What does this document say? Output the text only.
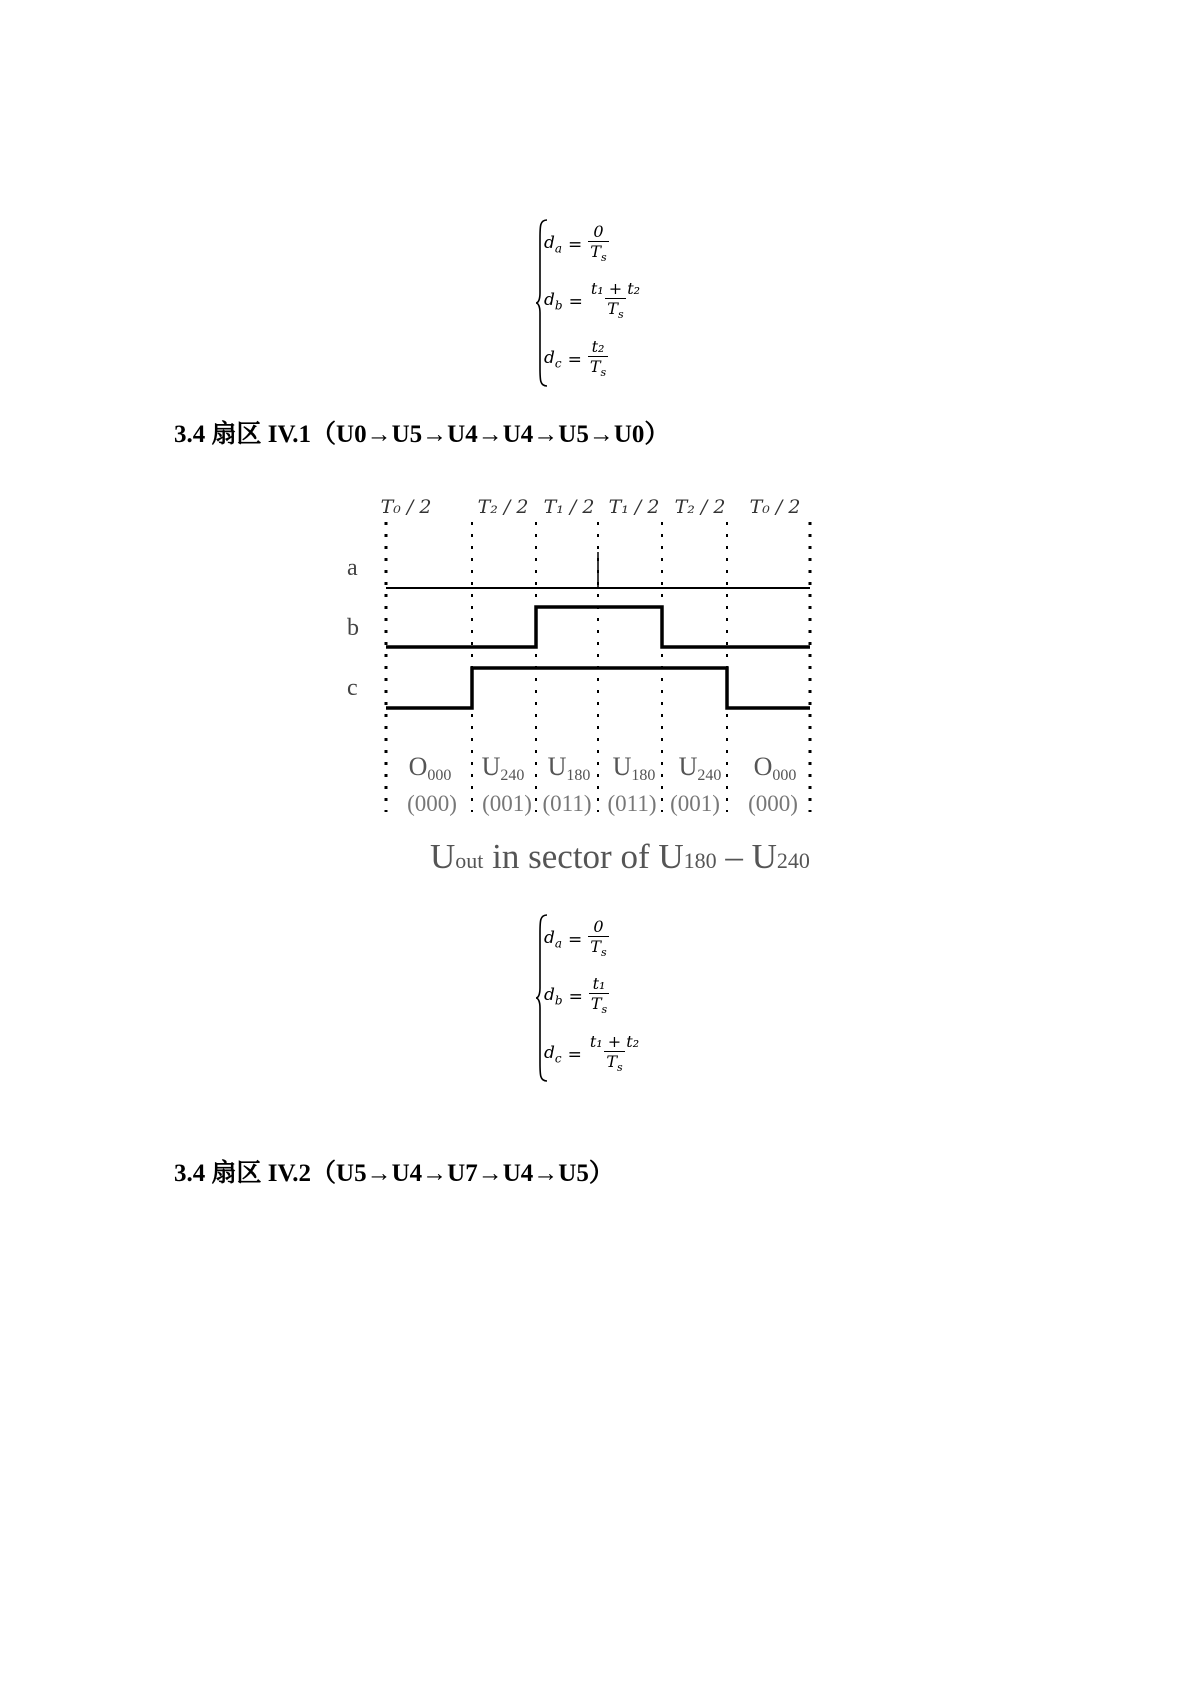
$d_a = \frac{0}{T_s}$
$d_b = \frac{\text{t₁ + t₂}}{T_s}$
$d_c = \frac{\text{t₂}}{T_s}$
3.4 扇区 IV.1（U0→U5→U4→U4→U5→U0）
T₀ / 2 T₂ / 2 T₁ / 2 T₁ / 2 T₂ / 2 T₀ / 2
a
b
c
O000 U240 U180 U180 U240 O000
(000) (001) (011) (011) (001) (000)
Uout in sector of U180 – U240
$d_a = \frac{0}{T_s}$
$d_b = \frac{\text{t₁}}{T_s}$
$d_c = \frac{\text{t₁ + t₂}}{T_s}$
3.4 扇区 IV.2（U5→U4→U7→U4→U5）
